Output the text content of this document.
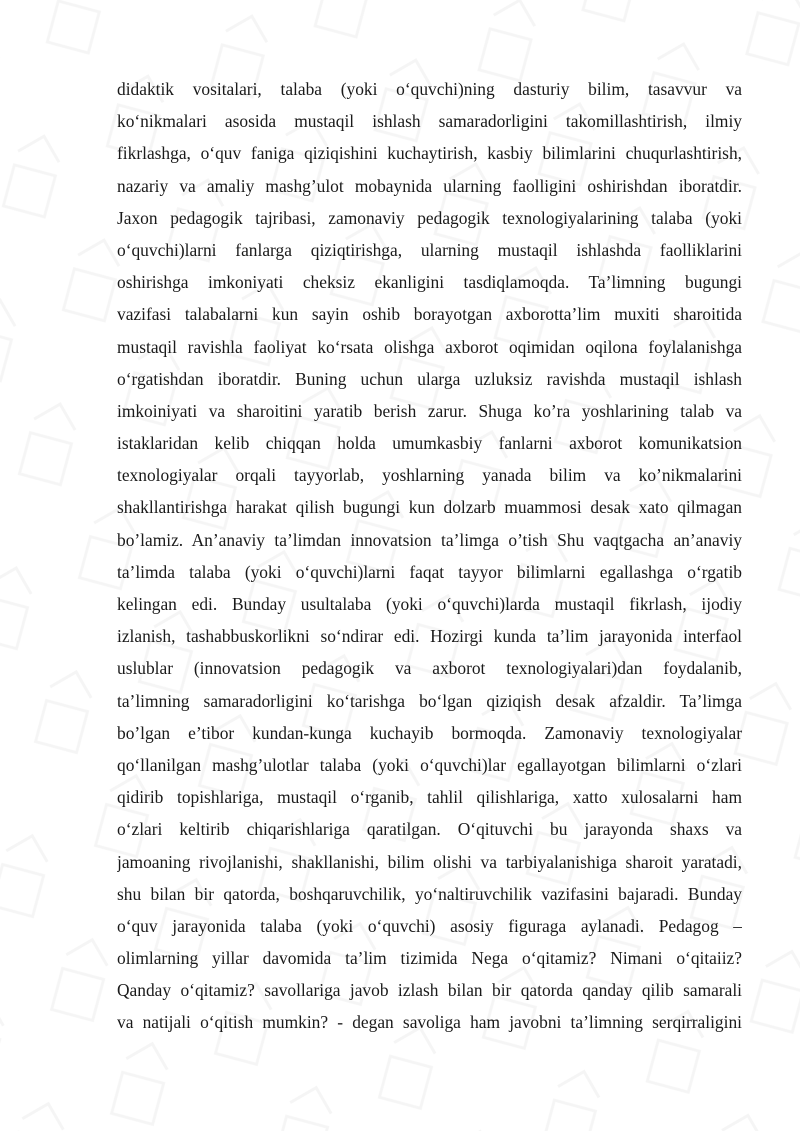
didaktik vositalari, talaba (yoki o‘quvchi)ning dasturiy bilim, tasavvur va
ko‘nikmalari asosida mustaqil ishlash samaradorligini takomillashtirish, ilmiy
fikrlashga, o‘quv faniga qiziqishini kuchaytirish, kasbiy bilimlarini chuqurlashtirish,
nazariy va amaliy mashg’ulot mobaynida ularning faolligini oshirishdan iboratdir.
Jaxon pedagogik tajribasi, zamonaviy pedagogik texnologiyalarining talaba (yoki
o‘quvchi)larni fanlarga qiziqtirishga, ularning mustaqil ishlashda faolliklarini
oshirishga imkoniyati cheksiz ekanligini tasdiqlamoqda. Ta’limning bugungi
vazifasi talabalarni kun sayin oshib borayotgan axborotta’lim muxiti sharoitida
mustaqil ravishla faoliyat ko‘rsata olishga axborot oqimidan oqilona foylalanishga
o‘rgatishdan iboratdir. Buning uchun ularga uzluksiz ravishda mustaqil ishlash
imkoiniyati va sharoitini yaratib berish zarur. Shuga ko’ra yoshlarining talab va
istaklaridan kelib chiqqan holda umumkasbiy fanlarni axborot komunikatsion
texnologiyalar orqali tayyorlab, yoshlarning yanada bilim va ko’nikmalarini
shakllantirishga harakat qilish bugungi kun dolzarb muammosi desak xato qilmagan
bo’lamiz. An’anaviy ta’limdan innovatsion ta’limga o’tish Shu vaqtgacha an’anaviy
ta’limda talaba (yoki o‘quvchi)larni faqat tayyor bilimlarni egallashga o‘rgatib
kelingan edi. Bunday usultalaba (yoki o‘quvchi)larda mustaqil fikrlash, ijodiy
izlanish, tashabbuskorlikni so‘ndirar edi. Hozirgi kunda ta’lim jarayonida interfaol
uslublar (innovatsion pedagogik va axborot texnologiyalari)dan foydalanib,
ta’limning samaradorligini ko‘tarishga bo‘lgan qiziqish desak afzaldir. Ta’limga
bo’lgan e’tibor kundan-kunga kuchayib bormoqda. Zamonaviy texnologiyalar
qo‘llanilgan mashg’ulotlar talaba (yoki o‘quvchi)lar egallayotgan bilimlarni o‘zlari
qidirib topishlariga, mustaqil o‘rganib, tahlil qilishlariga, xatto xulosalarni ham
o‘zlari keltirib chiqarishlariga qaratilgan. O‘qituvchi bu jarayonda shaxs va
jamoaning rivojlanishi, shakllanishi, bilim olishi va tarbiyalanishiga sharoit yaratadi,
shu bilan bir qatorda, boshqaruvchilik, yo‘naltiruvchilik vazifasini bajaradi. Bunday
o‘quv jarayonida talaba (yoki o‘quvchi) asosiy figuraga aylanadi. Pedagog –
olimlarning yillar davomida ta’lim tizimida Nega o‘qitamiz? Nimani o‘qitaiiz?
Qanday o‘qitamiz? savollariga javob izlash bilan bir qatorda qanday qilib samarali
va natijali o‘qitish mumkin? - degan savoliga ham javobni ta’limning serqirraligini
